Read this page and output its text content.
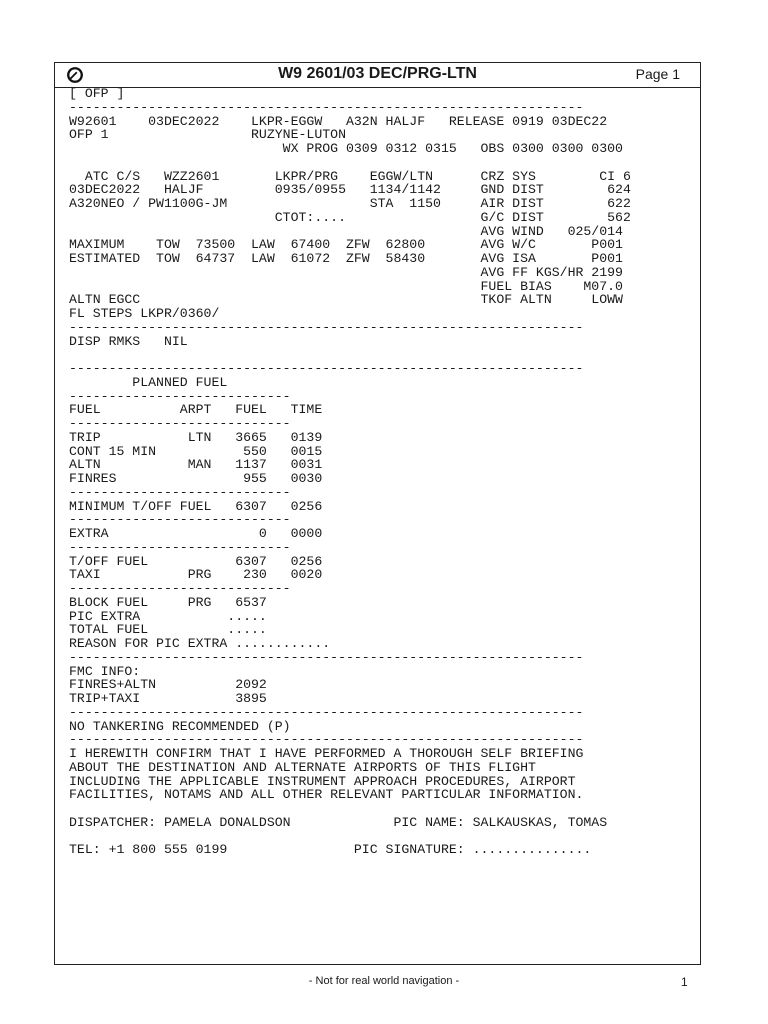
W9 2601/03 DEC/PRG-LTN	Page 1
[ OFP ]
-----------------------------------------------------------------
W92601    03DEC2022    LKPR-EGGW   A32N HALJF   RELEASE 0919 03DEC22
OFP 1                  RUZYNE-LUTON
WX PROG 0309 0312 0315   OBS 0300 0300 0300

ATC C/S   WZZ2601       LKPR/PRG    EGGW/LTN      CRZ SYS        CI 6
03DEC2022   HALJF         0935/0955   1134/1142     GND DIST        624
A320NEO / PW1100G-JM                  STA  1150     AIR DIST        622
CTOT:....                 G/C DIST        562
AVG WIND   025/014
MAXIMUM    TOW  73500  LAW  67400  ZFW  62800       AVG W/C       P001
ESTIMATED  TOW  64737  LAW  61072  ZFW  58430       AVG ISA       P001
AVG FF KGS/HR 2199
FUEL BIAS    M07.0
ALTN EGCC                                           TKOF ALTN     LOWW
FL STEPS LKPR/0360/
-----------------------------------------------------------------
DISP RMKS   NIL

-----------------------------------------------------------------
PLANNED FUEL
----------------------------
FUEL          ARPT   FUEL   TIME
----------------------------
TRIP           LTN   3665   0139
CONT 15 MIN           550   0015
ALTN           MAN   1137   0031
FINRES                955   0030
----------------------------
MINIMUM T/OFF FUEL   6307   0256
----------------------------
EXTRA                   0   0000
----------------------------
T/OFF FUEL           6307   0256
TAXI           PRG    230   0020
----------------------------
BLOCK FUEL     PRG   6537
PIC EXTRA           .....
TOTAL FUEL          .....
REASON FOR PIC EXTRA ............
-----------------------------------------------------------------
FMC INFO:
FINRES+ALTN          2092
TRIP+TAXI            3895
-----------------------------------------------------------------
NO TANKERING RECOMMENDED (P)
-----------------------------------------------------------------
I HEREWITH CONFIRM THAT I HAVE PERFORMED A THOROUGH SELF BRIEFING
ABOUT THE DESTINATION AND ALTERNATE AIRPORTS OF THIS FLIGHT
INCLUDING THE APPLICABLE INSTRUMENT APPROACH PROCEDURES, AIRPORT
FACILITIES, NOTAMS AND ALL OTHER RELEVANT PARTICULAR INFORMATION.

DISPATCHER: PAMELA DONALDSON             PIC NAME: SALKAUSKAS, TOMAS

TEL: +1 800 555 0199                PIC SIGNATURE: ...............

- Not for real world navigation -	1
